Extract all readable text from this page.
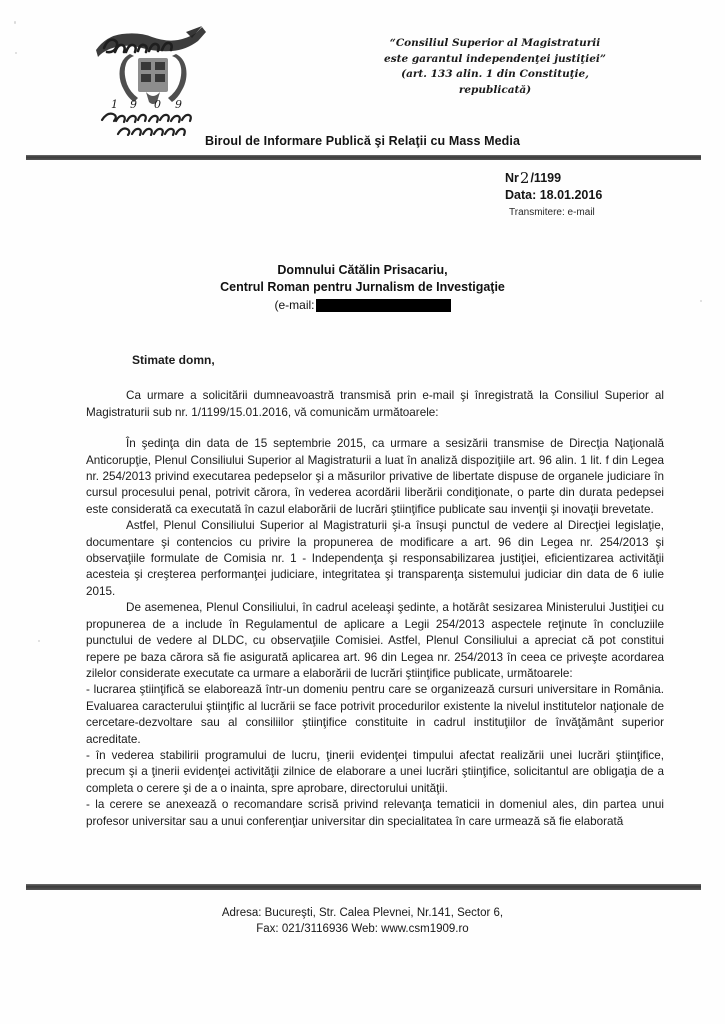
1 9 0 9
“Consiliul Superior al Magistraturii
este garantul independenţei justiţiei”
(art. 133 alin. 1 din Constituţie,
republicată)
Biroul de Informare Publică şi Relaţii cu Mass Media
Nr2/1199
Data: 18.01.2016
Transmitere: e-mail
Domnului Cătălin Prisacariu,
Centrul Roman pentru Jurnalism de Investigaţie
(e-mail:
Stimate domn,

Ca urmare a solicitării dumneavoastră transmisă prin e-mail şi înregistrată la Consiliul Superior al Magistraturii sub nr. 1/1199/15.01.2016, vă comunicăm următoarele:

În şedinţa din data de 15 septembrie 2015, ca urmare a sesizării transmise de Direcţia Naţională Anticorupţie, Plenul Consiliului Superior al Magistraturii a luat în analiză dispoziţiile art. 96 alin. 1 lit. f din Legea nr. 254/2013 privind executarea pedepselor şi a măsurilor privative de libertate dispuse de organele judiciare în cursul procesului penal, potrivit cărora, în vederea acordării liberării condiţionate, o parte din durata pedepsei este considerată ca executată în cazul elaborării de lucrări ştiinţifice publicate sau invenţii şi inovaţii brevetate.

Astfel, Plenul Consiliului Superior al Magistraturii şi-a însuşi punctul de vedere al Direcţiei legislaţie, documentare şi contencios cu privire la propunerea de modificare a art. 96 din Legea nr. 254/2013 şi observaţiile formulate de Comisia nr. 1 - Independenţa şi responsabilizarea justiţiei, eficientizarea activităţii acesteia şi creşterea performanţei judiciare, integritatea şi transparenţa sistemului judiciar din data de 6 iulie 2015.

De asemenea, Plenul Consiliului, în cadrul aceleaşi şedinte, a hotărât sesizarea Ministerului Justiţiei cu propunerea de a include în Regulamentul de aplicare a Legii 254/2013 aspectele reţinute în concluziile punctului de vedere al DLDC, cu observaţiile Comisiei. Astfel, Plenul Consiliului a apreciat că pot constitui repere pe baza cărora să fie asigurată aplicarea art. 96 din Legea nr. 254/2013 în ceea ce priveşte acordarea zilelor considerate executate ca urmare a elaborării de lucrări ştiinţifice publicate, următoarele:

- lucrarea ştiinţifică se elaborează într-un domeniu pentru care se organizează cursuri universitare in România. Evaluarea caracterului ştiinţific al lucrării se face potrivit procedurilor existente la nivelul institutelor naţionale de cercetare-dezvoltare sau al consiliilor ştiinţifice constituite in cadrul instituţiilor de învăţământ superior acreditate.

- în vederea stabilirii programului de lucru, ţinerii evidenţei timpului afectat realizării unei lucrări ştiinţifice, precum şi a ţinerii evidenţei activităţii zilnice de elaborare a unei lucrări ştiinţifice, solicitantul are obligaţia de a completa o cerere şi de a o inainta, spre aprobare, directorului unităţii.

- la cerere se anexează o recomandare scrisă privind relevanţa tematicii in domeniul ales, din partea unui profesor universitar sau a unui conferenţiar universitar din specialitatea în care urmează să fie elaborată

Adresa: Bucureşti, Str. Calea Plevnei, Nr.141, Sector 6,
Fax: 021/3116936 Web: www.csm1909.ro
